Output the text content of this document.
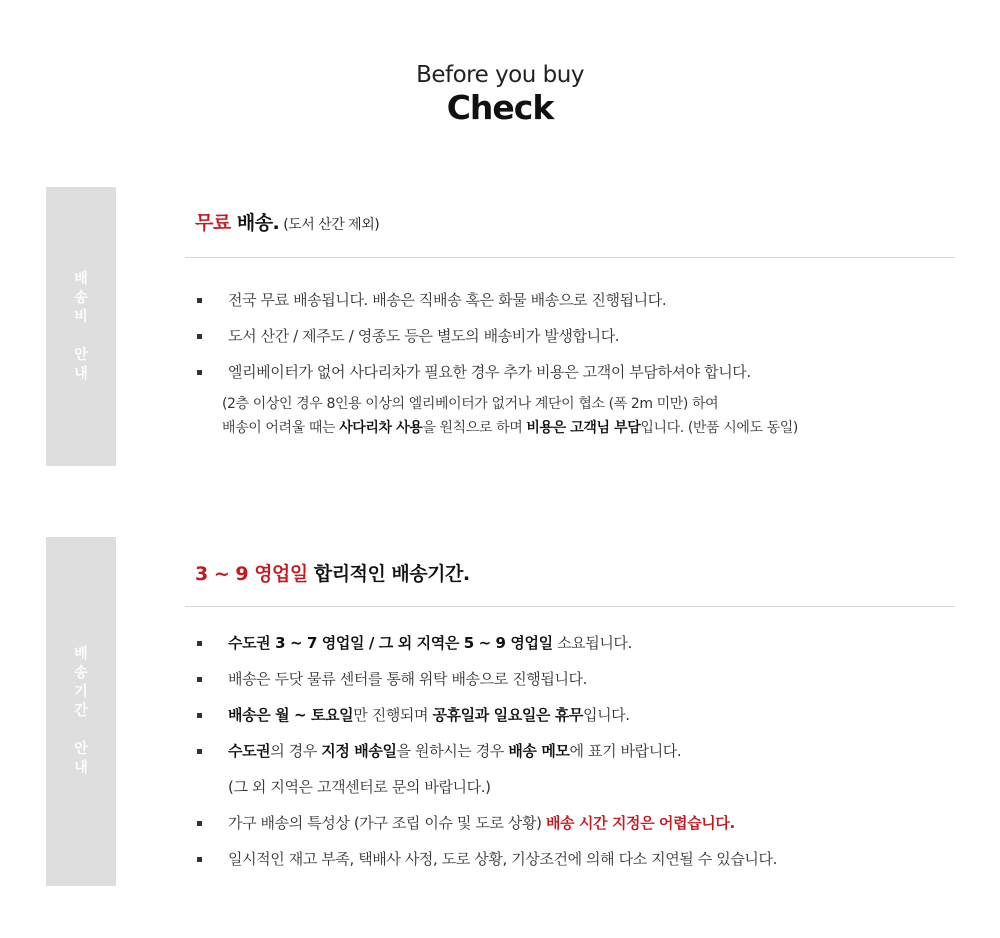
Before you buy
Check
배
송
비
안
내
무료 배송. (도서 산간 제외)
전국 무료 배송됩니다. 배송은 직배송 혹은 화물 배송으로 진행됩니다.
도서 산간 / 제주도 / 영종도 등은 별도의 배송비가 발생합니다.
엘리베이터가 없어 사다리차가 필요한 경우 추가 비용은 고객이 부담하셔야 합니다.
(2층 이상인 경우 8인용 이상의 엘리베이터가 없거나 계단이 협소 (폭 2m 미만) 하여
배송이 어려울 때는 사다리차 사용을 원칙으로 하며 비용은 고객님 부담입니다. (반품 시에도 동일)
배
송
기
간
안
내
3 ~ 9 영업일 합리적인 배송기간.
수도권 3 ~ 7 영업일 / 그 외 지역은 5 ~ 9 영업일 소요됩니다.
배송은 두닷 물류 센터를 통해 위탁 배송으로 진행됩니다.
배송은 월 ~ 토요일만 진행되며 공휴일과 일요일은 휴무입니다.
수도권의 경우 지정 배송일을 원하시는 경우 배송 메모에 표기 바랍니다.
(그 외 지역은 고객센터로 문의 바랍니다.)
가구 배송의 특성상 (가구 조립 이슈 및 도로 상황) 배송 시간 지정은 어렵습니다.
일시적인 재고 부족, 택배사 사정, 도로 상황, 기상조건에 의해 다소 지연될 수 있습니다.
